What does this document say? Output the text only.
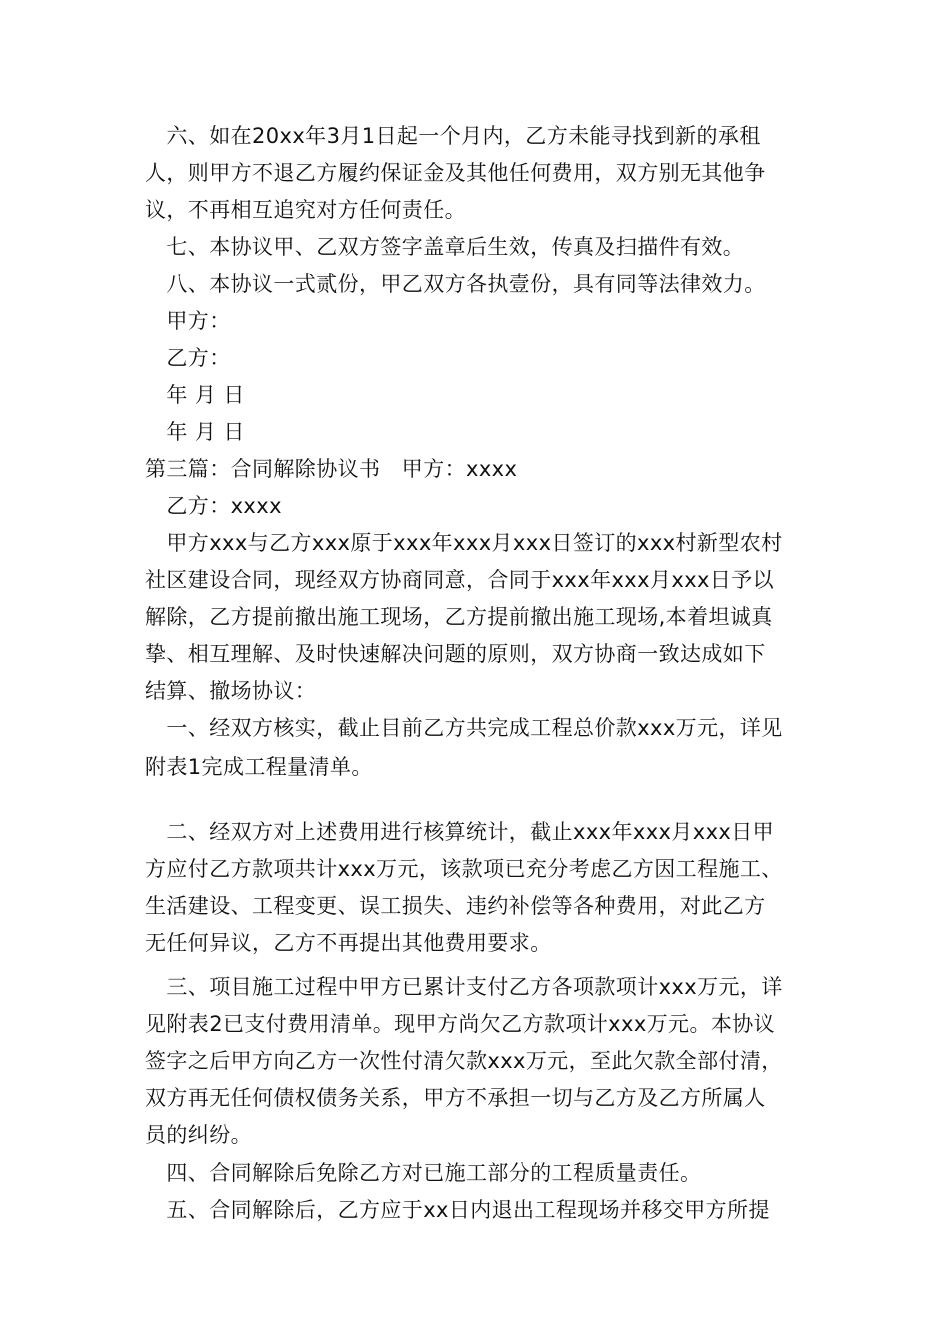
　六、如在20xx年3月1日起一个月内，乙方未能寻找到新的承租
人，则甲方不退乙方履约保证金及其他任何费用，双方别无其他争
议，不再相互追究对方任何责任。
　七、本协议甲、乙双方签字盖章后生效，传真及扫描件有效。
　八、本协议一式贰份，甲乙双方各执壹份，具有同等法律效力。
　甲方：
　乙方：
　年 月 日
　年 月 日
第三篇：合同解除协议书　甲方：xxxx
　乙方：xxxx
　甲方xxx与乙方xxx原于xxx年xxx月xxx日签订的xxx村新型农村
社区建设合同，现经双方协商同意，合同于xxx年xxx月xxx日予以
解除，乙方提前撤出施工现场，乙方提前撤出施工现场,本着坦诚真
挚、相互理解、及时快速解决问题的原则，双方协商一致达成如下
结算、撤场协议：
　一、经双方核实，截止目前乙方共完成工程总价款xxx万元，详见
附表1完成工程量清单。
　二、经双方对上述费用进行核算统计，截止xxx年xxx月xxx日甲
方应付乙方款项共计xxx万元，该款项已充分考虑乙方因工程施工、
生活建设、工程变更、误工损失、违约补偿等各种费用，对此乙方
无任何异议，乙方不再提出其他费用要求。
　三、项目施工过程中甲方已累计支付乙方各项款项计xxx万元，详
见附表2已支付费用清单。现甲方尚欠乙方款项计xxx万元。本协议
签字之后甲方向乙方一次性付清欠款xxx万元，至此欠款全部付清，
双方再无任何债权债务关系，甲方不承担一切与乙方及乙方所属人
员的纠纷。
　四、合同解除后免除乙方对已施工部分的工程质量责任。
　五、合同解除后，乙方应于xx日内退出工程现场并移交甲方所提
